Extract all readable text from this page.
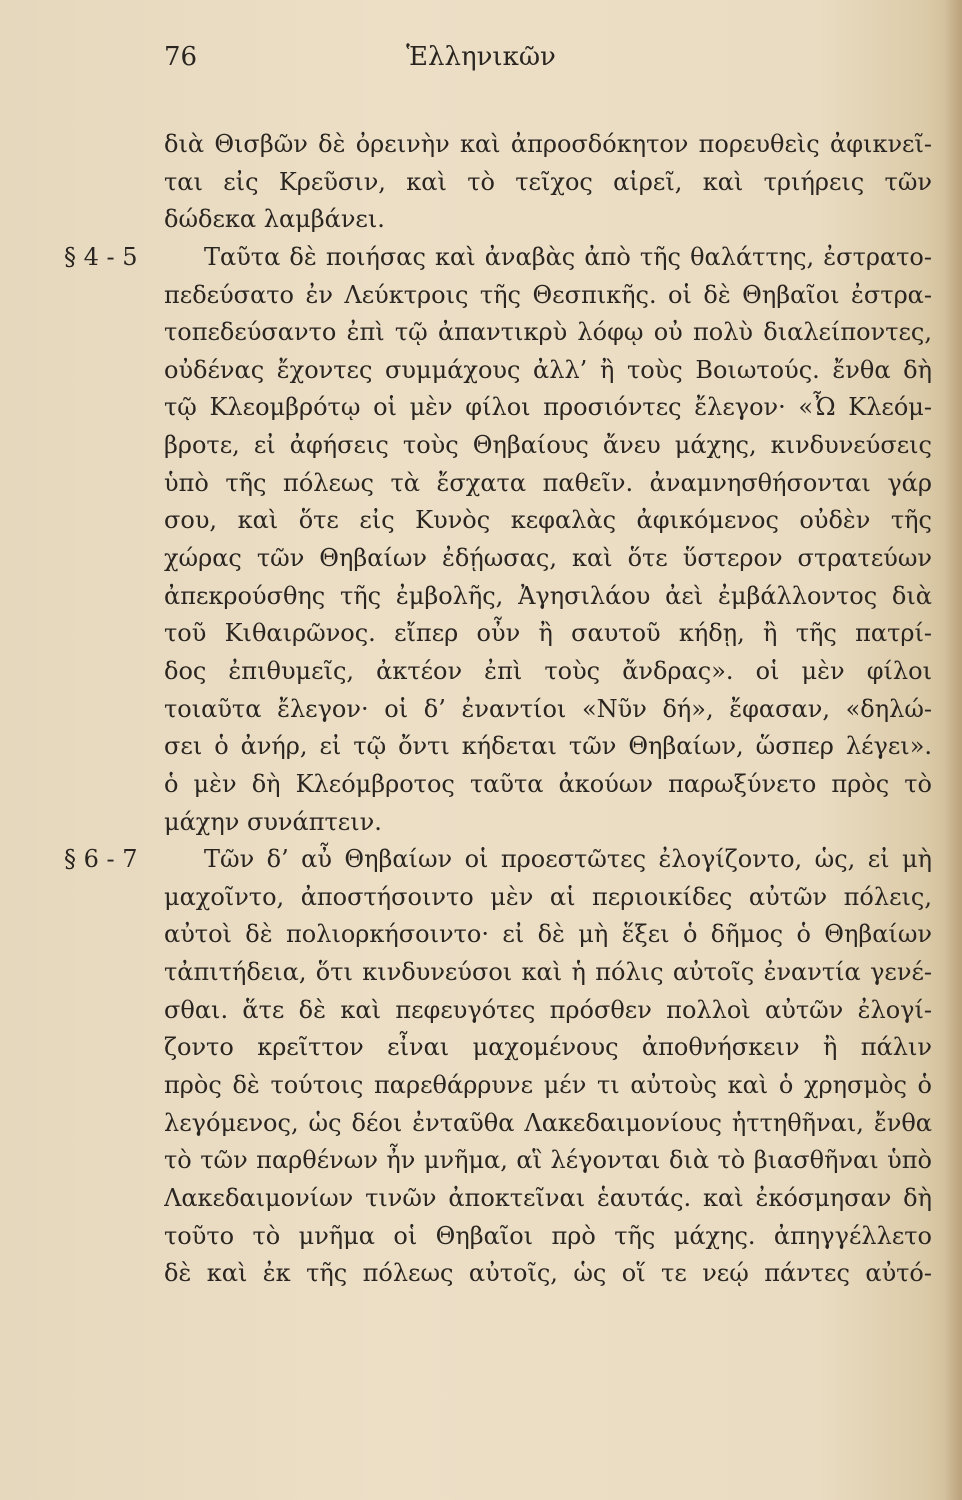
76	Ἑλληνικῶν
διὰ Θισβῶν δὲ ὀρεινὴν καὶ ἀπροσδόκητον πορευθεὶς ἀφικνεῖ-
ται εἰς Κρεῦσιν, καὶ τὸ τεῖχος αἱρεῖ, καὶ τριήρεις τῶν
δώδεκα λαμβάνει.
§ 4 - 5	Ταῦτα δὲ ποιήσας καὶ ἀναβὰς ἀπὸ τῆς θαλάττης, ἐστρατο-
πεδεύσατο ἐν Λεύκτροις τῆς Θεσπικῆς. οἱ δὲ Θηβαῖοι ἐστρα-
τοπεδεύσαντο ἐπὶ τῷ ἀπαντικρὺ λόφῳ οὐ πολὺ διαλείποντες,
οὐδένας ἔχοντες συμμάχους ἀλλ’ ἢ τοὺς Βοιωτούς. ἔνθα δὴ
τῷ Κλεομβρότῳ οἱ μὲν φίλοι προσιόντες ἔλεγον· «Ὦ Κλεόμ-
βροτε, εἰ ἀφήσεις τοὺς Θηβαίους ἄνευ μάχης, κινδυνεύσεις
ὑπὸ τῆς πόλεως τὰ ἔσχατα παθεῖν. ἀναμνησθήσονται γάρ
σου, καὶ ὅτε εἰς Κυνὸς κεφαλὰς ἀφικόμενος οὐδὲν τῆς
χώρας τῶν Θηβαίων ἐδῄωσας, καὶ ὅτε ὕστερον στρατεύων
ἀπεκρούσθης τῆς ἐμβολῆς, Ἀγησιλάου ἀεὶ ἐμβάλλοντος διὰ
τοῦ Κιθαιρῶνος. εἴπερ οὖν ἢ σαυτοῦ κήδῃ, ἢ τῆς πατρί-
δος ἐπιθυμεῖς, ἀκτέον ἐπὶ τοὺς ἄνδρας». οἱ μὲν φίλοι
τοιαῦτα ἔλεγον· οἱ δ’ ἐναντίοι «Νῦν δή», ἔφασαν, «δηλώ-
σει ὁ ἀνήρ, εἰ τῷ ὄντι κήδεται τῶν Θηβαίων, ὥσπερ λέγει».
ὁ μὲν δὴ Κλεόμβροτος ταῦτα ἀκούων παρωξύνετο πρὸς τὸ
μάχην συνάπτειν.
§ 6 - 7	Τῶν δ’ αὖ Θηβαίων οἱ προεστῶτες ἐλογίζοντο, ὡς, εἰ μὴ
μαχοῖντο, ἀποστήσοιντο μὲν αἱ περιοικίδες αὐτῶν πόλεις,
αὐτοὶ δὲ πολιορκήσοιντο· εἰ δὲ μὴ ἕξει ὁ δῆμος ὁ Θηβαίων
τἀπιτήδεια, ὅτι κινδυνεύσοι καὶ ἡ πόλις αὐτοῖς ἐναντία γενέ-
σθαι. ἅτε δὲ καὶ πεφευγότες πρόσθεν πολλοὶ αὐτῶν ἐλογί-
ζοντο κρεῖττον εἶναι μαχομένους ἀποθνήσκειν ἢ πάλιν
πρὸς δὲ τούτοις παρεθάρρυνε μέν τι αὐτοὺς καὶ ὁ χρησμὸς ὁ
λεγόμενος, ὡς δέοι ἐνταῦθα Λακεδαιμονίους ἡττηθῆναι, ἔνθα
τὸ τῶν παρθένων ἦν μνῆμα, αἳ λέγονται διὰ τὸ βιασθῆναι ὑπὸ
Λακεδαιμονίων τινῶν ἀποκτεῖναι ἑαυτάς. καὶ ἐκόσμησαν δὴ
τοῦτο τὸ μνῆμα οἱ Θηβαῖοι πρὸ τῆς μάχης. ἀπηγγέλλετο
δὲ καὶ ἐκ τῆς πόλεως αὐτοῖς, ὡς οἵ τε νεῴ πάντες αὐτό-
